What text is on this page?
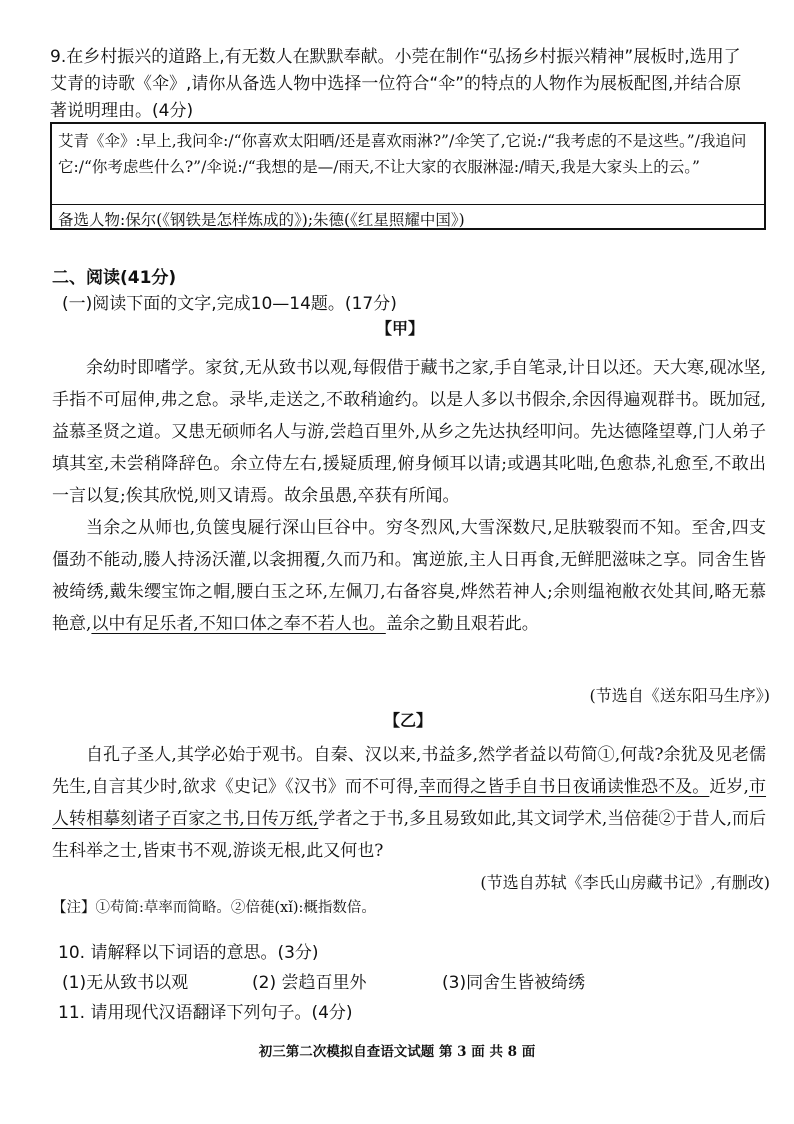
9.在乡村振兴的道路上,有无数人在默默奉献。小莞在制作“弘扬乡村振兴精神”展板时,选用了艾青的诗歌《伞》,请你从备选人物中选择一位符合“伞”的特点的人物作为展板配图,并结合原著说明理由。(4分)
艾青《伞》:早上,我问伞:/“你喜欢太阳晒/还是喜欢雨淋?”/伞笑了,它说:/“我考虑的不是这些。”/我追问它:/“你考虑些什么?”/伞说:/“我想的是—/雨天,不让大家的衣服淋湿:/晴天,我是大家头上的云。”
备选人物:保尔(《钢铁是怎样炼成的》);朱德(《红星照耀中国》)
二、阅读(41分)
(一)阅读下面的文字,完成10—14题。(17分)
【甲】

余幼时即嗜学。家贫,无从致书以观,每假借于藏书之家,手自笔录,计日以还。天大寒,砚冰坚,手指不可屈伸,弗之怠。录毕,走送之,不敢稍逾约。以是人多以书假余,余因得遍观群书。既加冠,益慕圣贤之道。又患无硕师名人与游,尝趋百里外,从乡之先达执经叩问。先达德隆望尊,门人弟子填其室,未尝稍降辞色。余立侍左右,援疑质理,俯身倾耳以请;或遇其叱咄,色愈恭,礼愈至,不敢出一言以复;俟其欣悦,则又请焉。故余虽愚,卒获有所闻。

当余之从师也,负箧曳屣行深山巨谷中。穷冬烈风,大雪深数尺,足肤皲裂而不知。至舍,四支僵劲不能动,媵人持汤沃灌,以衾拥覆,久而乃和。寓逆旅,主人日再食,无鲜肥滋味之享。同舍生皆被绮绣,戴朱缨宝饰之帽,腰白玉之环,左佩刀,右备容臭,烨然若神人;余则缊袍敝衣处其间,略无慕艳意,以中有足乐者,不知口体之奉不若人也。盖余之勤且艰若此。

(节选自《送东阳马生序》)
【乙】

自孔子圣人,其学必始于观书。自秦、汉以来,书益多,然学者益以苟简①,何哉?余犹及见老儒先生,自言其少时,欲求《史记》《汉书》而不可得,幸而得之皆手自书日夜诵读惟恐不及。近岁,市人转相摹刻诸子百家之书,日传万纸,学者之于书,多且易致如此,其文词学术,当倍蓰②于昔人,而后生科举之士,皆束书不观,游谈无根,此又何也?

(节选自苏轼《李氏山房藏书记》,有删改)
【注】①苟简:草率而简略。②倍蓰(xǐ):概指数倍。
10. 请解释以下词语的意思。(3分)
(1)无从致书以观	(2) 尝趋百里外	(3)同舍生皆被绮绣
11. 请用现代汉语翻译下列句子。(4分)
初三第二次模拟自查语文试题 第 3 面 共 8 面
